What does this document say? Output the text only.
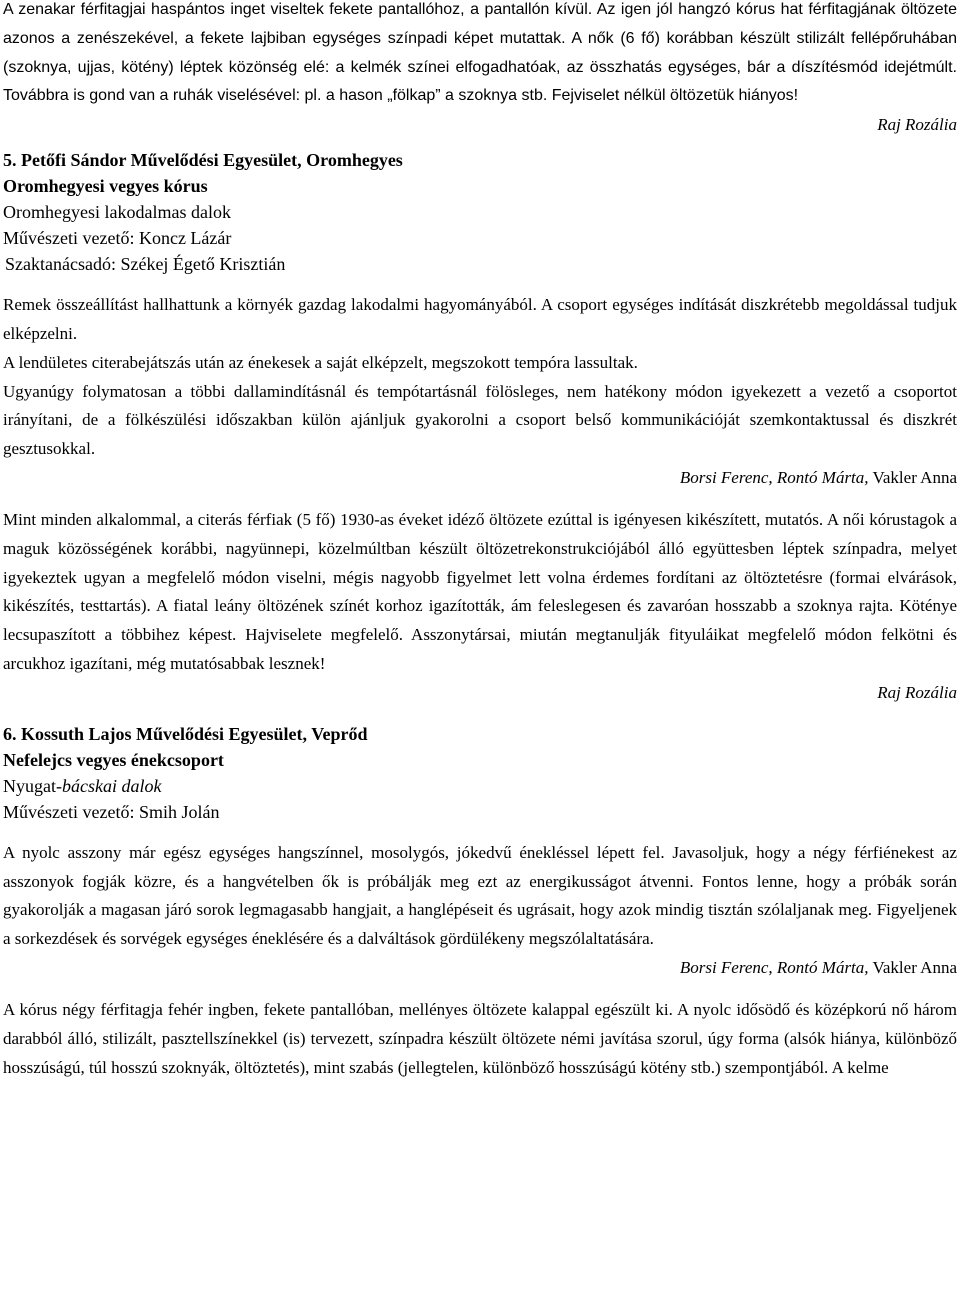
A zenakar férfitagjai haspántos inget viseltek fekete pantallóhoz, a pantallón kívül. Az igen jól hangzó kórus hat férfitagjának öltözete azonos a zenészekével, a fekete lajbiban egységes színpadi képet mutattak. A nők (6 fő) korábban készült stilizált fellépőruhában (szoknya, ujjas, kötény) léptek közönség elé: a kelmék színei elfogadhatóak, az összhatás egységes, bár a díszítésmód idejétmúlt. Továbbra is gond van a ruhák viselésével: pl. a hason „fölkap” a szoknya stb. Fejviselet nélkül öltözetük hiányos!

Raj Rozália

5. Petőfi Sándor Művelődési Egyesület, Oromhegyes

Oromhegyesi vegyes kórus

Oromhegyesi lakodalmas dalok

Művészeti vezető: Koncz Lázár

Szaktanácsadó: Székej Égető Krisztián

Remek összeállítást hallhattunk a környék gazdag lakodalmi hagyományából. A csoport egységes indítását diszkrétebb megoldással tudjuk elképzelni.

A lendületes citerabejátszás után az énekesek a saját elképzelt, megszokott tempóra lassultak.

Ugyanúgy folymatosan a többi dallamindításnál és tempótartásnál fölösleges, nem hatékony módon igyekezett a vezető a csoportot irányítani, de a fölkészülési időszakban külön ajánljuk gyakorolni a csoport belső kommunikációját szemkontaktussal és diszkrét gesztusokkal.

Borsi Ferenc, Rontó Márta, Vakler Anna

Mint minden alkalommal, a citerás férfiak (5 fő) 1930-as éveket idéző öltözete ezúttal is igényesen kikészített, mutatós. A női kórustagok a maguk közösségének korábbi, nagyünnepi, közelmúltban készült öltözetrekonstrukciójából álló együttesben léptek színpadra, melyet igyekeztek ugyan a megfelelő módon viselni, mégis nagyobb figyelmet lett volna érdemes fordítani az öltöztetésre (formai elvárások, kikészítés, testtartás). A fiatal leány öltözének színét korhoz igazították, ám feleslegesen és zavaróan hosszabb a szoknya rajta. Köténye lecsupaszított a többihez képest. Hajviselete megfelelő. Asszonytársai, miután megtanulják fityuláikat megfelelő módon felkötni és arcukhoz igazítani, még mutatósabbak lesznek!

Raj Rozália

6. Kossuth Lajos Művelődési Egyesület, Veprőd

Nefelejcs vegyes énekcsoport

Nyugat-bácskai dalok

Művészeti vezető: Smih Jolán

A nyolc asszony már egész egységes hangszínnel, mosolygós, jókedvű énekléssel lépett fel. Javasoljuk, hogy a négy férfiénekest az asszonyok fogják közre, és a hangvételben ők is próbálják meg ezt az energikusságot átvenni. Fontos lenne, hogy a próbák során gyakorolják a magasan járó sorok legmagasabb hangjait, a hanglépéseit és ugrásait, hogy azok mindig tisztán szólaljanak meg. Figyeljenek a sorkezdések és sorvégek egységes éneklésére és a dalváltások gördülékeny megszólaltatására.

Borsi Ferenc, Rontó Márta, Vakler Anna

A kórus négy férfitagja fehér ingben, fekete pantallóban, mellényes öltözete kalappal egészült ki. A nyolc idősödő és középkorú nő három darabból álló, stilizált, pasztellszínekkel (is) tervezett, színpadra készült öltözete némi javítása szorul, úgy forma (alsók hiánya, különböző hosszúságú, túl hosszú szoknyák, öltöztetés), mint szabás (jellegtelen, különböző hosszúságú kötény stb.) szempontjából. A kelme
